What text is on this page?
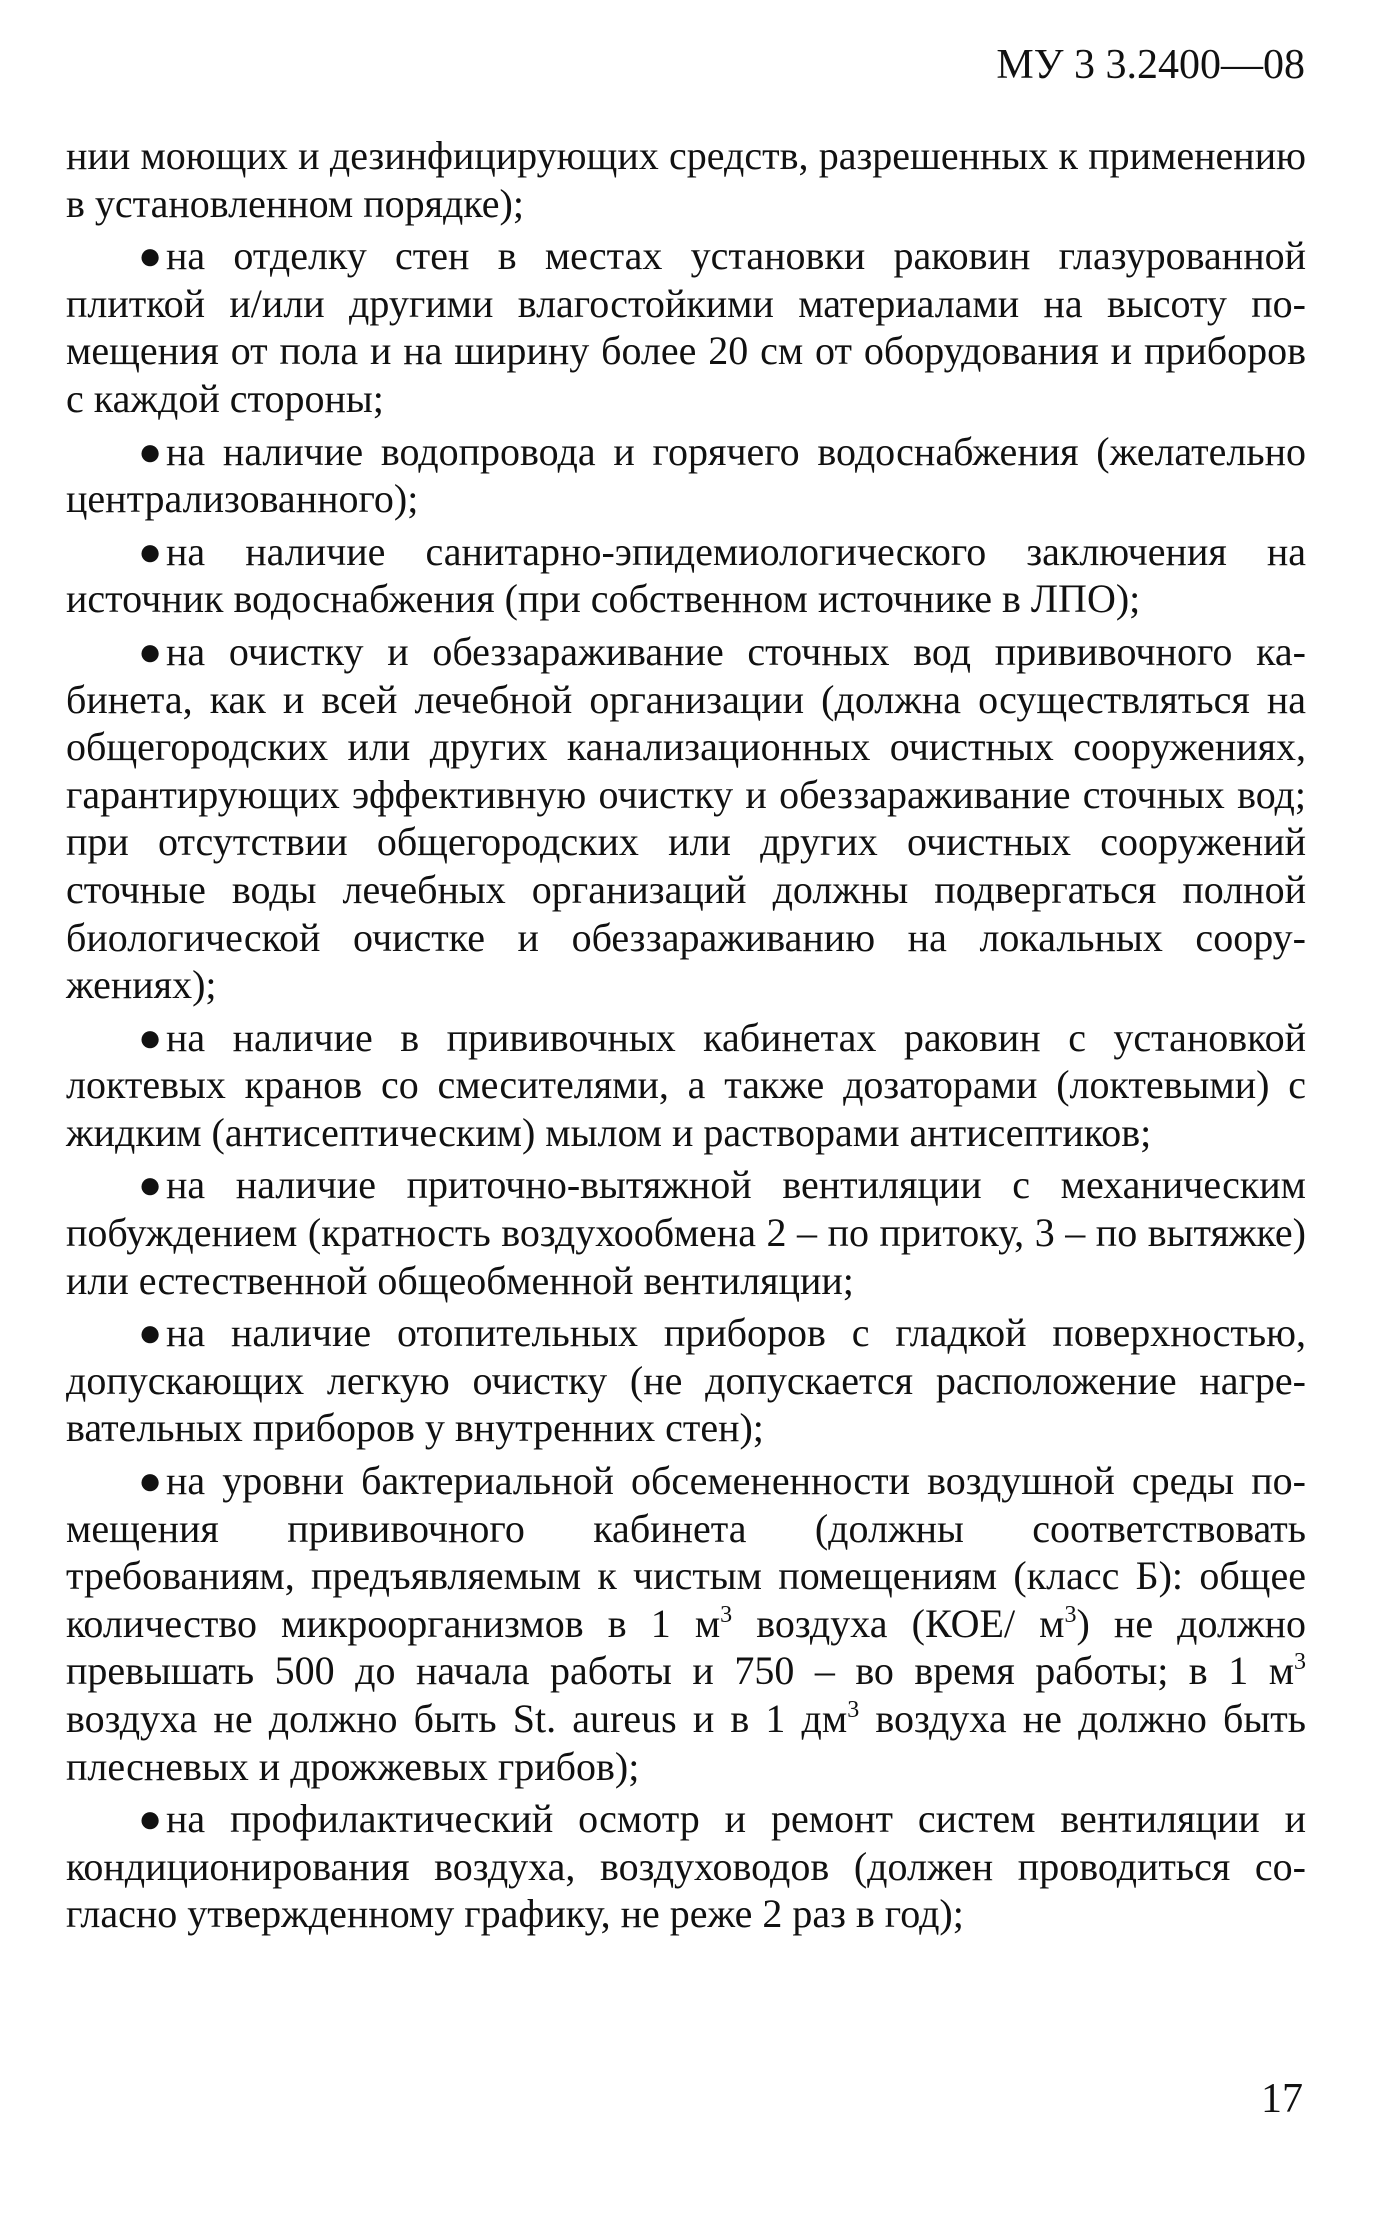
МУ 3 3.2400—08

нии моющих и дезинфицирующих средств, разрешенных к применению в установленном порядке);

●на отделку стен в местах установки раковин глазурованной плиткой и/или другими влагостойкими материалами на высоту помещения от пола и на ширину более 20 см от оборудования и приборов с каждой стороны;

●на наличие водопровода и горячего водоснабжения (желательно централизованного);

●на наличие санитарно-эпидемиологического заключения на источник водоснабжения (при собственном источнике в ЛПО);

●на очистку и обеззараживание сточных вод прививочного кабинета, как и всей лечебной организации (должна осуществляться на общегородских или других канализационных очистных сооружениях, гарантирующих эффективную очистку и обеззараживание сточных вод; при отсутствии общегородских или других очистных сооружений сточные воды лечебных организаций должны подвергаться полной биологической очистке и обеззараживанию на локальных сооружениях);

●на наличие в прививочных кабинетах раковин с установкой локтевых кранов со смесителями, а также дозаторами (локтевыми) с жидким (антисептическим) мылом и растворами антисептиков;

●на наличие приточно-вытяжной вентиляции с механическим побуждением (кратность воздухообмена 2 – по притоку, 3 – по вытяжке) или естественной общеобменной вентиляции;

●на наличие отопительных приборов с гладкой поверхностью, допускающих легкую очистку (не допускается расположение нагревательных приборов у внутренних стен);

●на уровни бактериальной обсемененности воздушной среды помещения прививочного кабинета (должны соответствовать требованиям, предъявляемым к чистым помещениям (класс Б): общее количество микроорганизмов в 1 $м^3$ воздуха (КОЕ/ $м^3$) не должно превышать 500 до начала работы и 750 – во время работы; в 1 $м^3$ воздуха не должно быть St. aureus и в 1 $дм^3$ воздуха не должно быть плесневых и дрожжевых грибов);

●на профилактический осмотр и ремонт систем вентиляции и кондиционирования воздуха, воздуховодов (должен проводиться согласно утвержденному графику, не реже 2 раз в год);

17
